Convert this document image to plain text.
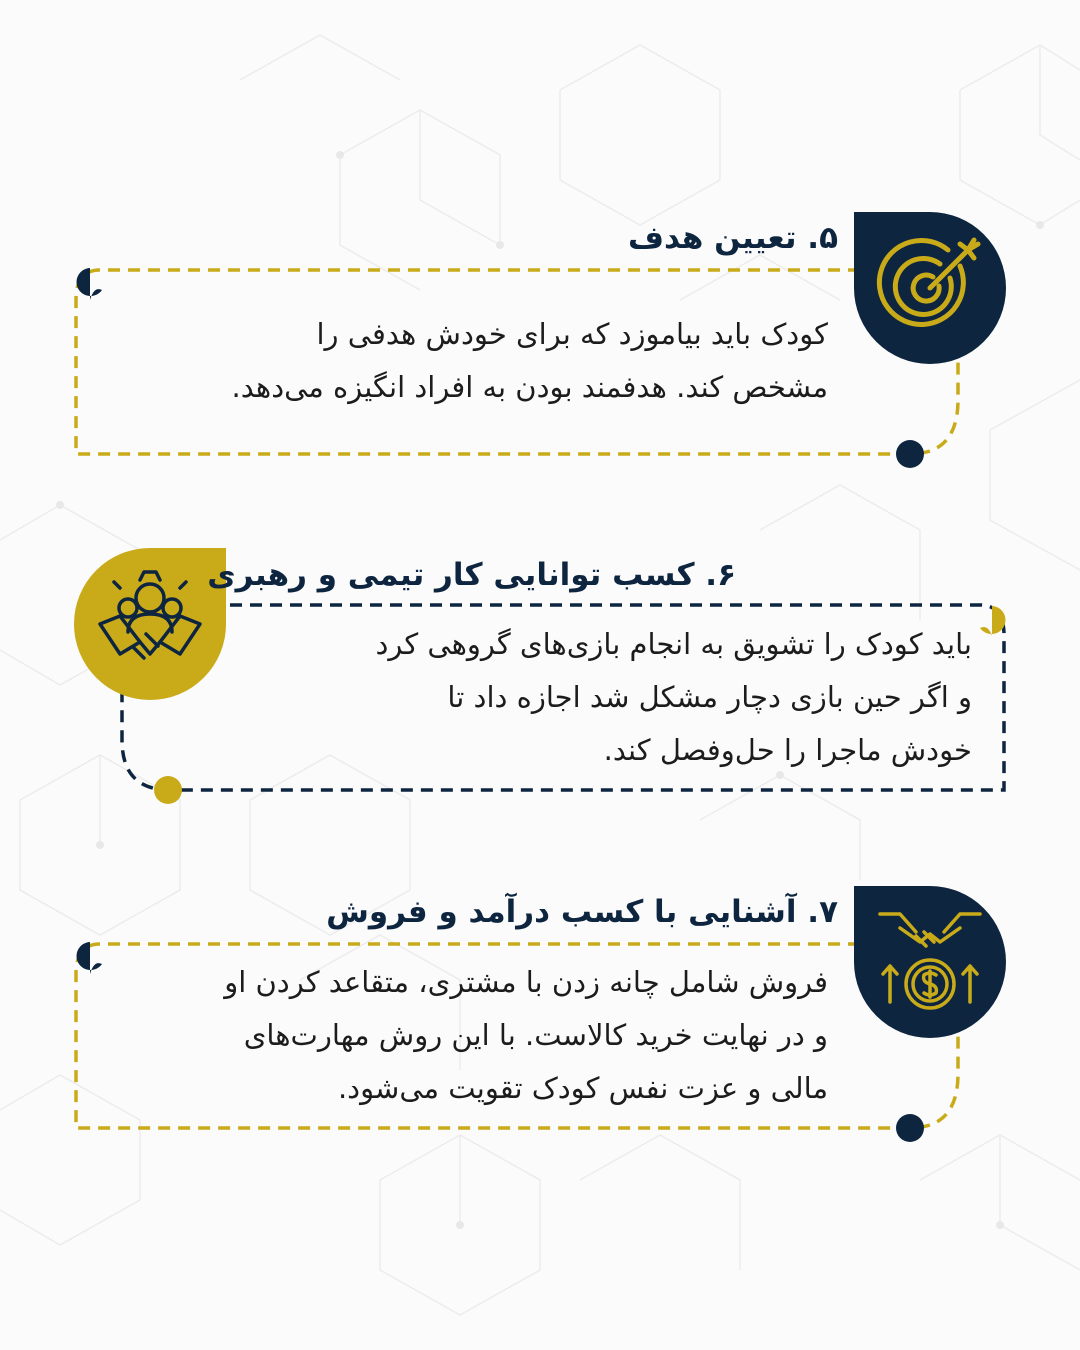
۵. تعیین هدف
کودک باید بیاموزد که برای خودش هدفی را
مشخص کند. هدفمند بودن به افراد انگیزه می‌دهد.
۶. کسب توانایی کار تیمی و رهبری
باید کودک را تشویق به انجام بازی‌های گروهی کرد
و اگر حین بازی دچار مشکل شد اجازه داد تا
خودش ماجرا را حل‌وفصل کند.
۷. آشنایی با کسب درآمد و فروش
فروش شامل چانه زدن با مشتری، متقاعد کردن او
و در نهایت خرید کالاست. با این روش مهارت‌های
مالی و عزت نفس کودک تقویت می‌شود.
